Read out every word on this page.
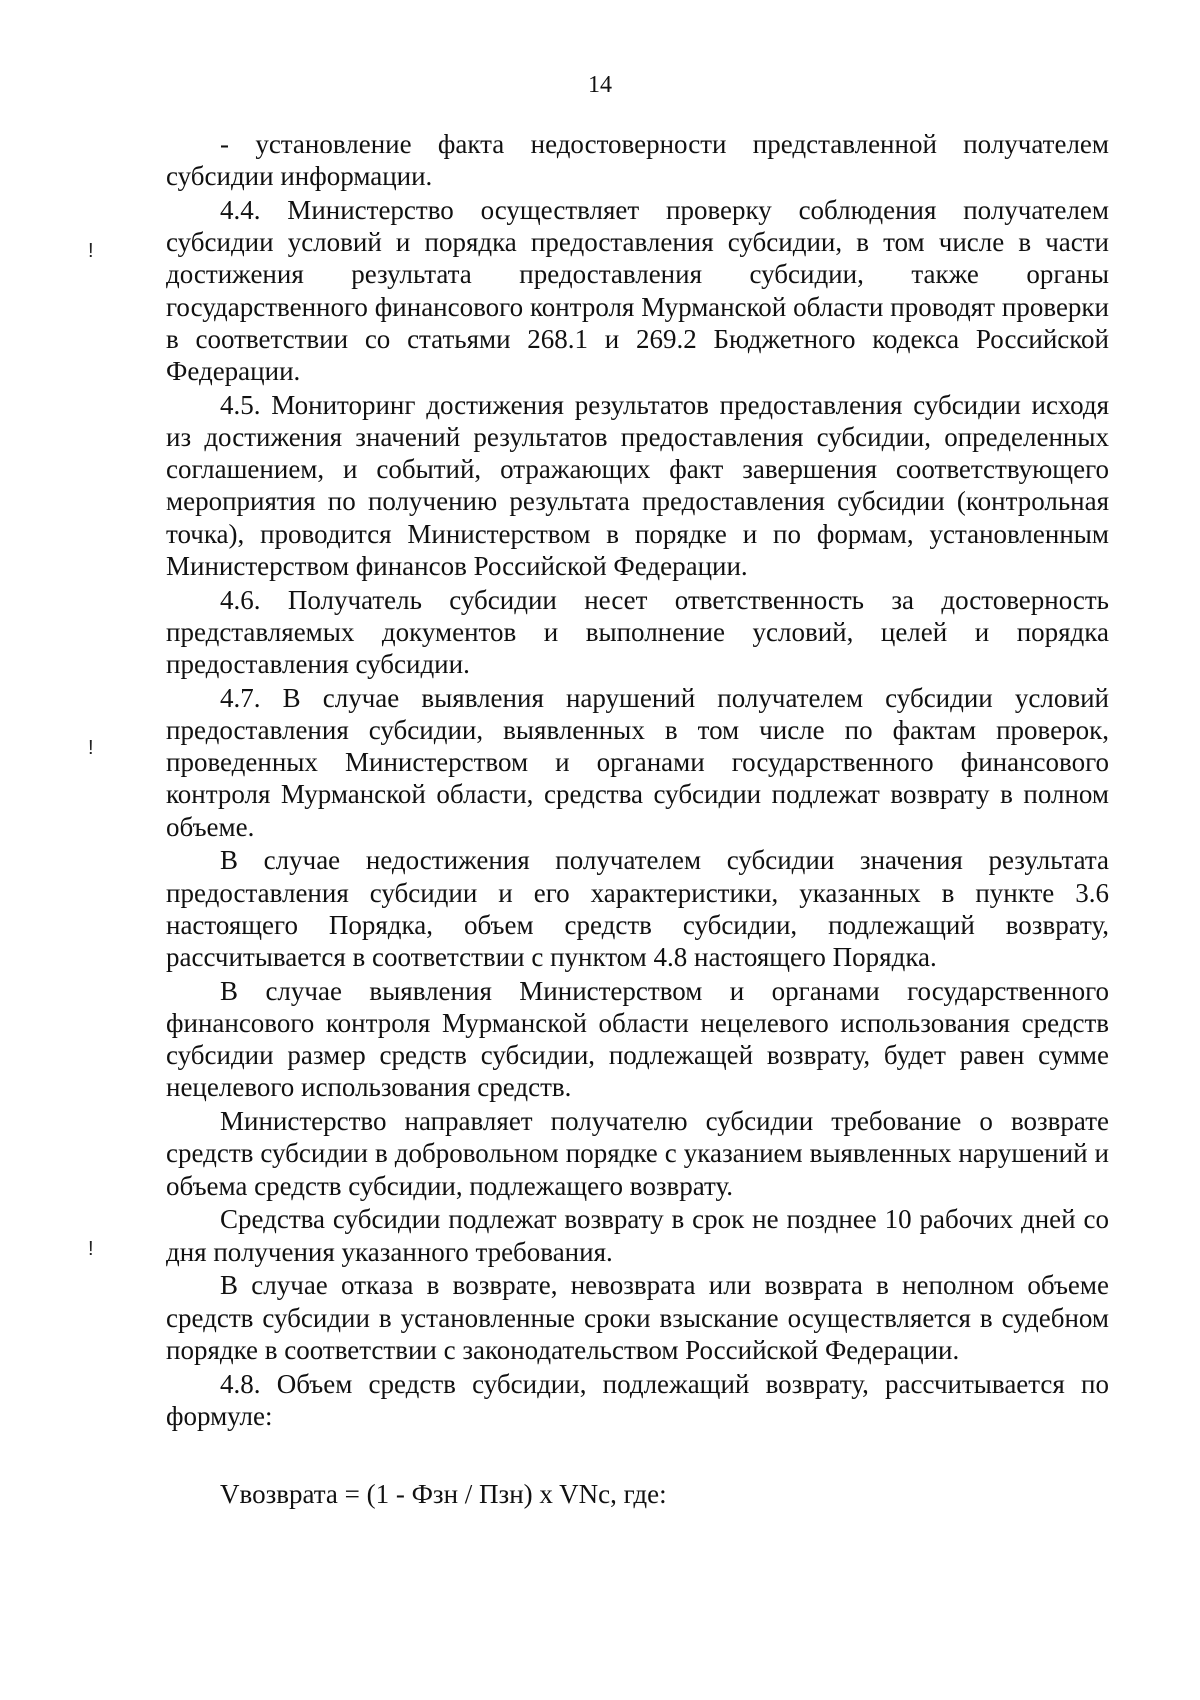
14
!
!
!

- установление факта недостоверности представленной получателем субсидии информации.

4.4. Министерство осуществляет проверку соблюдения получателем субсидии условий и порядка предоставления субсидии, в том числе в части достижения результата предоставления субсидии, также органы государственного финансового контроля Мурманской области проводят проверки в соответствии со статьями 268.1 и 269.2 Бюджетного кодекса Российской Федерации.

4.5. Мониторинг достижения результатов предоставления субсидии исходя из достижения значений результатов предоставления субсидии, определенных соглашением, и событий, отражающих факт завершения соответствующего мероприятия по получению результата предоставления субсидии (контрольная точка), проводится Министерством в порядке и по формам, установленным Министерством финансов Российской Федерации.

4.6. Получатель субсидии несет ответственность за достоверность представляемых документов и выполнение условий, целей и порядка предоставления субсидии.

4.7. В случае выявления нарушений получателем субсидии условий предоставления субсидии, выявленных в том числе по фактам проверок, проведенных Министерством и органами государственного финансового контроля Мурманской области, средства субсидии подлежат возврату в полном объеме.

В случае недостижения получателем субсидии значения результата предоставления субсидии и его характеристики, указанных в пункте 3.6 настоящего Порядка, объем средств субсидии, подлежащий возврату, рассчитывается в соответствии с пунктом 4.8 настоящего Порядка.

В случае выявления Министерством и органами государственного финансового контроля Мурманской области нецелевого использования средств субсидии размер средств субсидии, подлежащей возврату, будет равен сумме нецелевого использования средств.

Министерство направляет получателю субсидии требование о возврате средств субсидии в добровольном порядке с указанием выявленных нарушений и объема средств субсидии, подлежащего возврату.

Средства субсидии подлежат возврату в срок не позднее 10 рабочих дней со дня получения указанного требования.

В случае отказа в возврате, невозврата или возврата в неполном объеме средств субсидии в установленные сроки взыскание осуществляется в судебном порядке в соответствии с законодательством Российской Федерации.

4.8. Объем средств субсидии, подлежащий возврату, рассчитывается по формуле:

Vвозврата = (1 - Фзн / Пзн) x VNc, где:
